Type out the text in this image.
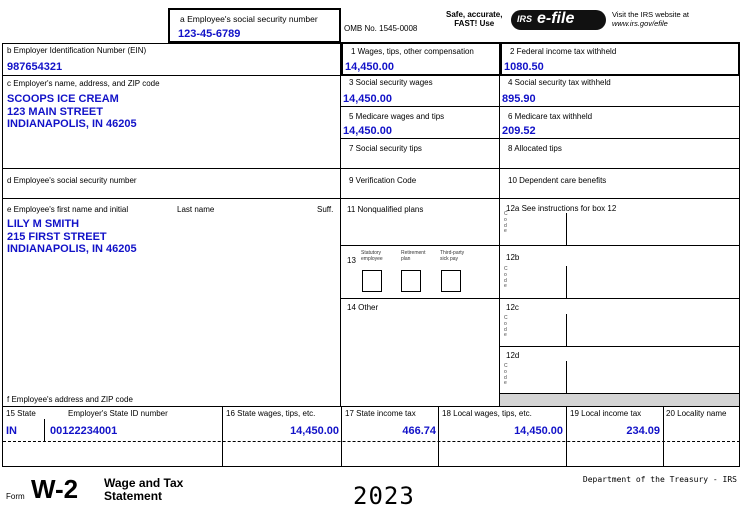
a Employee's social security number
123-45-6789	OMB No. 1545-0008
Safe, accurate,
FAST! Use	IRS e-file	Visit the IRS website at
www.irs.gov/efile
b Employer Identification Number (EIN)
987654321
1 Wages, tips, other compensation
14,450.00
2 Federal income tax withheld
1080.50
c Employer's name, address, and ZIP code
SCOOPS ICE CREAM
123 MAIN STREET
INDIANAPOLIS, IN 46205
3 Social security wages
14,450.00
4 Social security tax withheld
895.90
5 Medicare wages and tips
14,450.00
6 Medicare tax withheld
209.52
7 Social security tips	8 Allocated tips
d Employee's social security number	9 Verification Code	10 Dependent care benefits
e Employee's first name and initial	Last name	Suff.
LILY M SMITH
215 FIRST STREET
INDIANAPOLIS, IN 46205
f Employee's address and ZIP code
11 Nonqualified plans
13
Statutory
employee
Retirement
plan
Third-party
sick pay
14 Other
12a See instructions for box 12
C
o
d
e
12b
C
o
d
e
12c
C
o
d
e
12d
C
o
d
e
15 State	Employer's State ID number	16 State wages, tips, etc.	17 State income tax	18 Local wages, tips, etc.	19 Local income tax	20 Locality name
IN	00122234001	14,450.00	466.74	14,450.00	234.09
Form W-2 Wage and Tax
Statement	2023
Department of the Treasury - IRS
